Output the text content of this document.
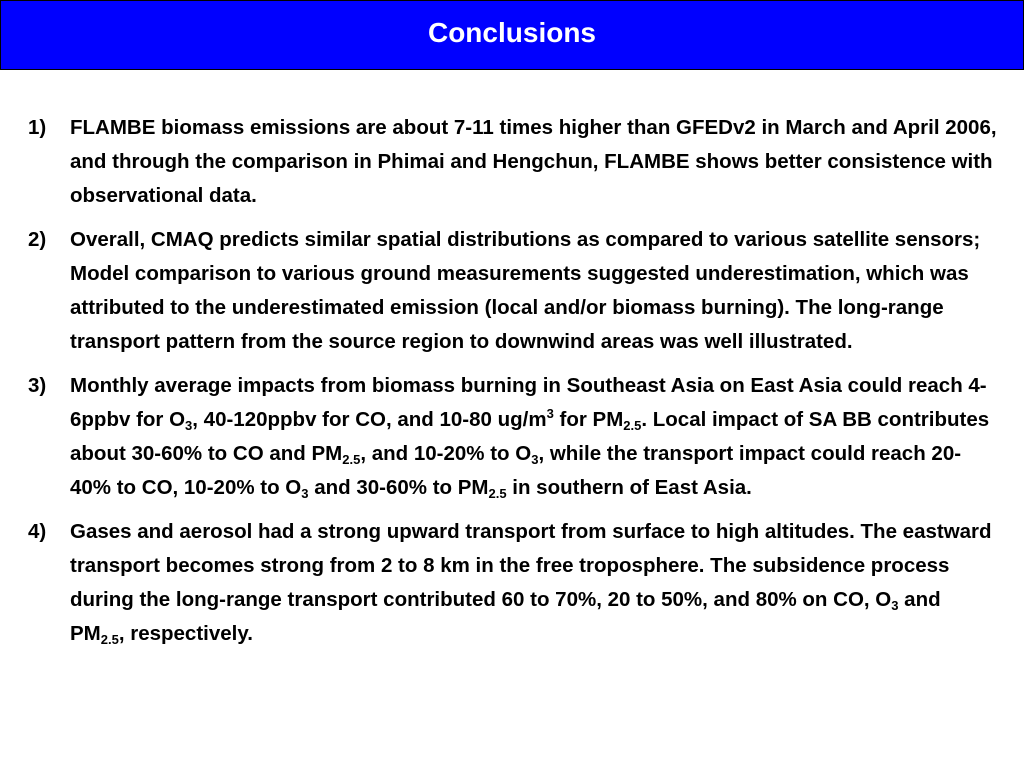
Conclusions
1)	FLAMBE biomass emissions are about 7-11 times higher than GFEDv2 in March and April 2006, and through the comparison in Phimai and Hengchun, FLAMBE shows better consistence with observational data.
2)	Overall, CMAQ predicts similar spatial distributions as compared to various satellite sensors; Model comparison to various ground measurements suggested underestimation, which was attributed to the underestimated emission (local and/or biomass burning). The long-range transport pattern from the source region to downwind areas was well illustrated.
3)	Monthly average impacts from biomass burning in Southeast Asia on East Asia could reach 4-6ppbv for $O_3$, 40-120ppbv for CO, and 10-80 $ug/m^3$ for $PM_{2.5}$. Local impact of SA BB contributes about 30-60% to CO and $PM_{2.5}$, and 10-20% to $O_3$, while the transport impact could reach 20-40% to CO, 10-20% to $O_3$ and 30-60% to $PM_{2.5}$ in southern of East Asia.
4)	Gases and aerosol had a strong upward transport from surface to high altitudes. The eastward transport becomes strong from 2 to 8 km in the free troposphere. The subsidence process during the long-range transport contributed 60 to 70%, 20 to 50%, and 80% on CO, $O_3$ and $PM_{2.5}$, respectively.
